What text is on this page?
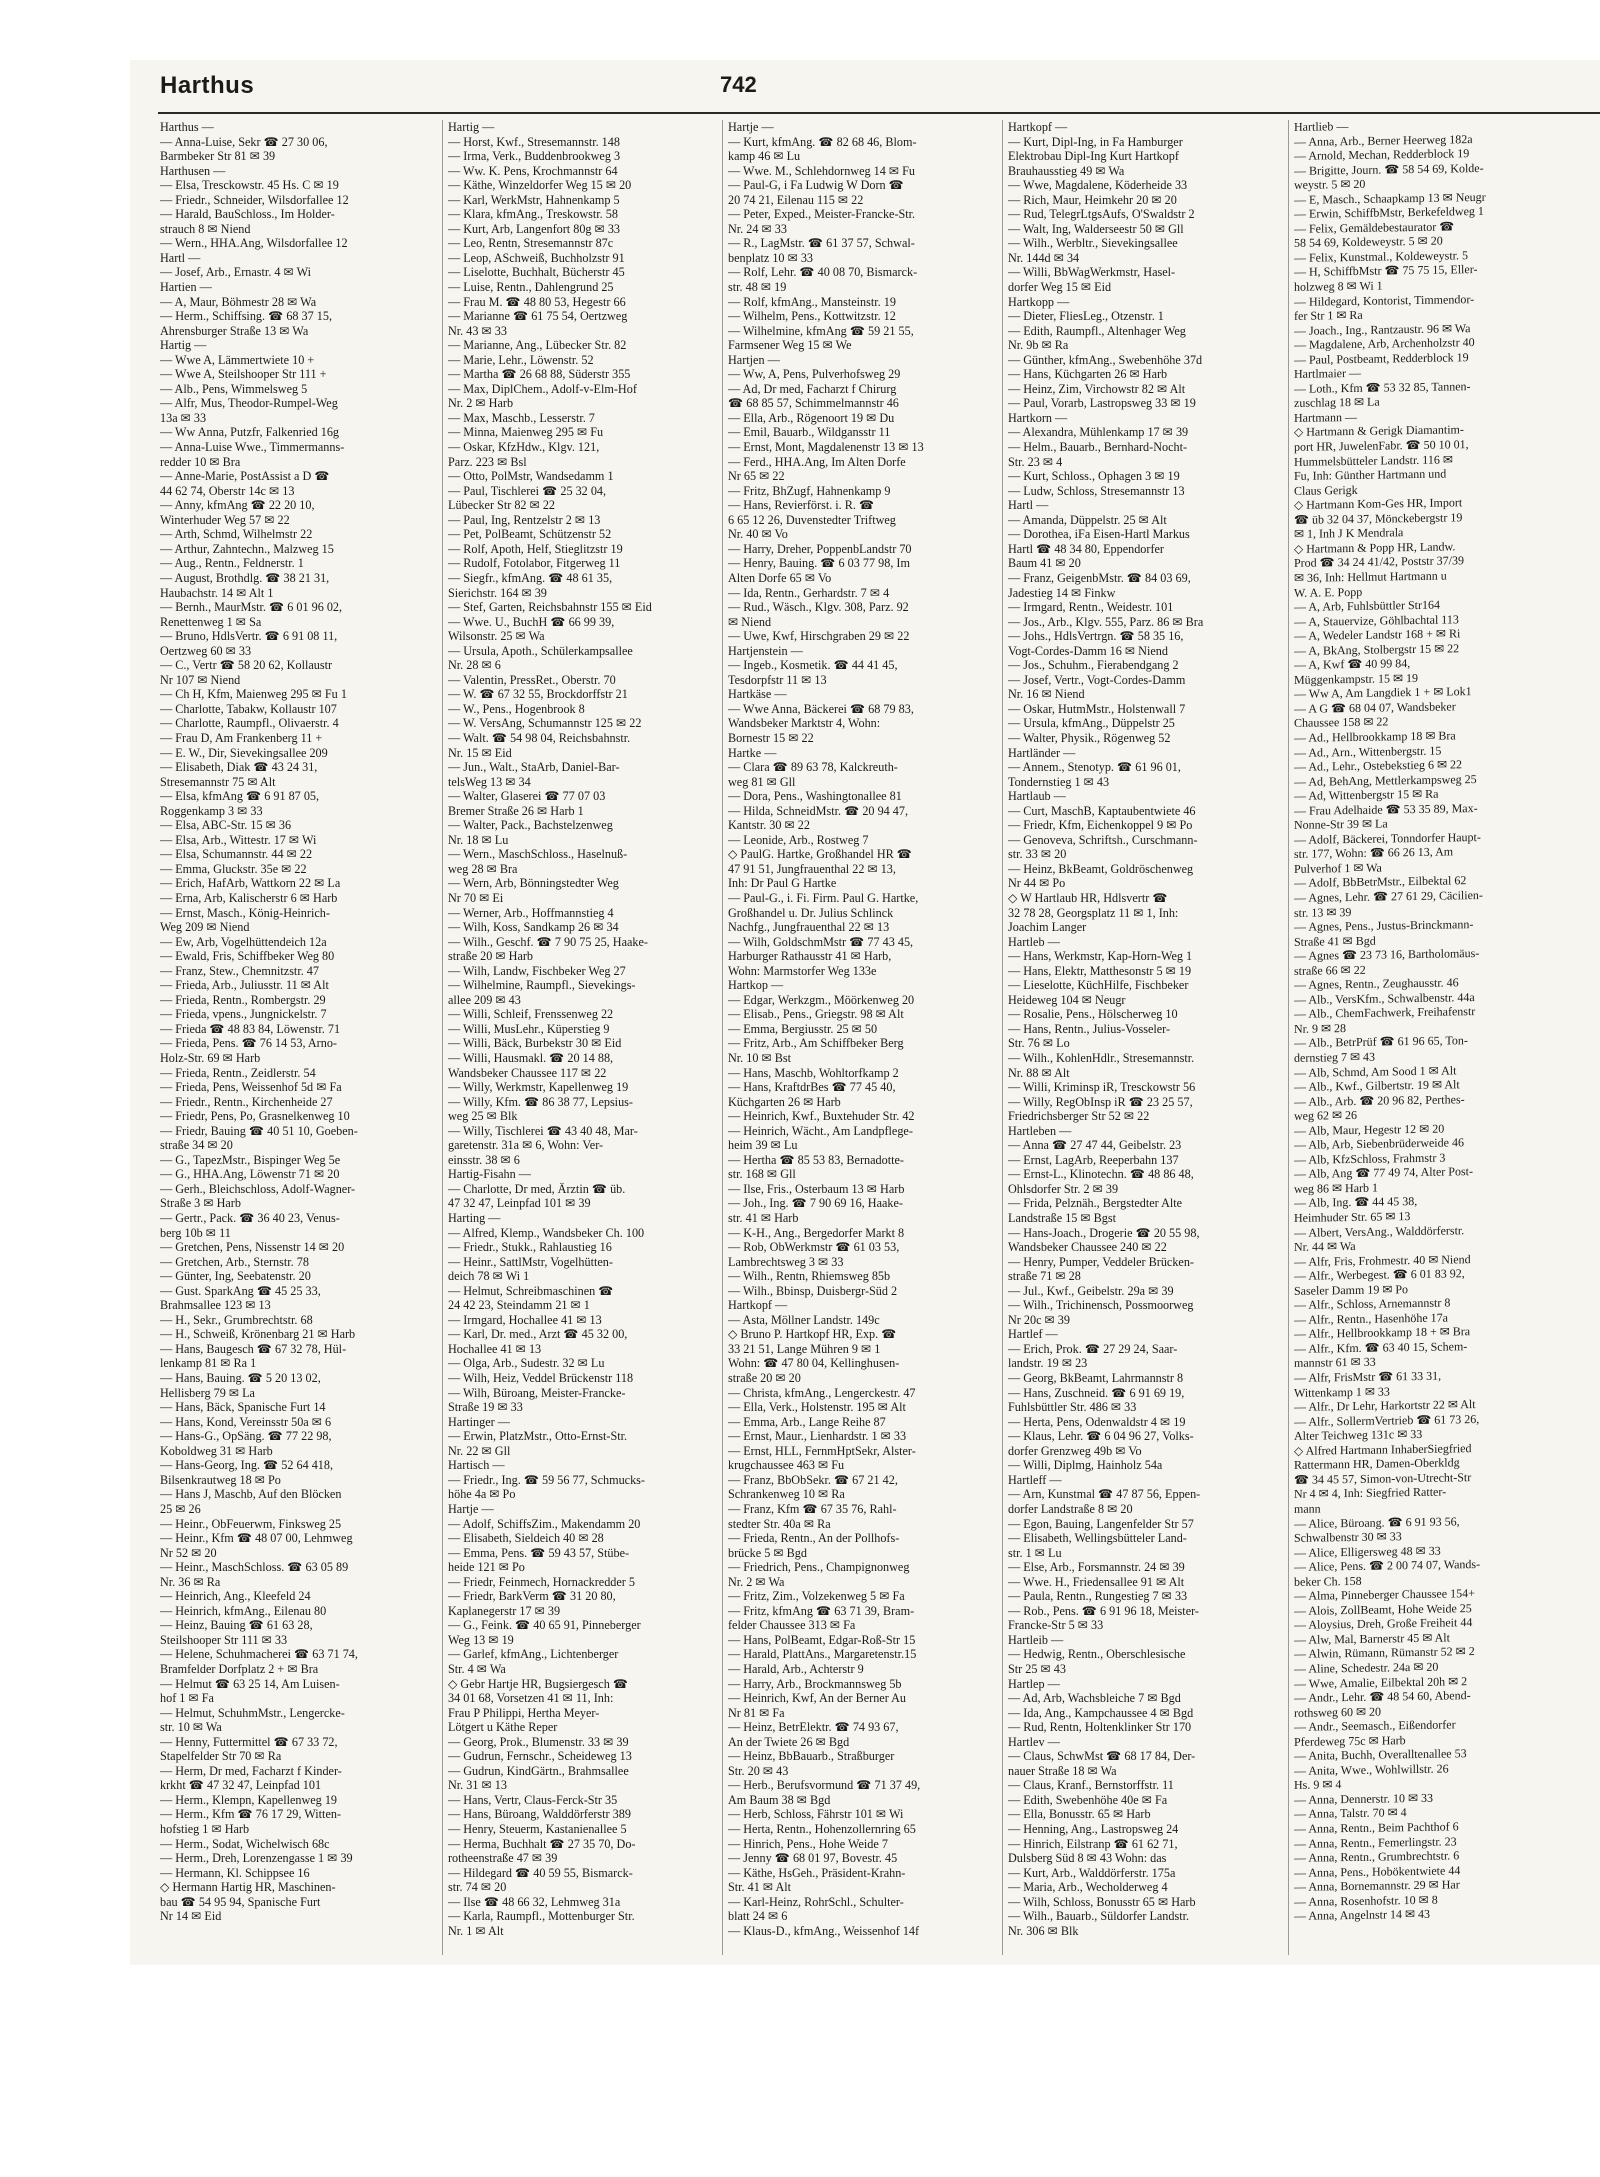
Harthus	742
Harthus —
— Anna-Luise, Sekr ☎ 27 30 06,
Barmbeker Str 81 ✉ 39
Harthusen —
— Elsa, Tresckowstr. 45 Hs. C ✉ 19
— Friedr., Schneider, Wilsdorfallee 12
— Harald, BauSchloss., Im Holder-
strauch 8 ✉ Niend
— Wern., HHA.Ang, Wilsdorfallee 12
Hartl —
— Josef, Arb., Ernastr. 4 ✉ Wi
Hartien —
— A, Maur, Böhmestr 28 ✉ Wa
— Herm., Schiffsing. ☎ 68 37 15,
Ahrensburger Straße 13 ✉ Wa
Hartig —
— Wwe A, Lämmertwiete 10 +
— Wwe A, Steilshooper Str 111 +
— Alb., Pens, Wimmelsweg 5
— Alfr, Mus, Theodor-Rumpel-Weg
13a ✉ 33
— Ww Anna, Putzfr, Falkenried 16g
— Anna-Luise Wwe., Timmermanns-
redder 10 ✉ Bra
— Anne-Marie, PostAssist a D ☎
44 62 74, Oberstr 14c ✉ 13
— Anny, kfmAng ☎ 22 20 10,
Winterhuder Weg 57 ✉ 22
— Arth, Schmd, Wilhelmstr 22
— Arthur, Zahntechn., Malzweg 15
— Aug., Rentn., Feldnerstr. 1
— August, Brothdlg. ☎ 38 21 31,
Haubachstr. 14 ✉ Alt 1
— Bernh., MaurMstr. ☎ 6 01 96 02,
Renettenweg 1 ✉ Sa
— Bruno, HdlsVertr. ☎ 6 91 08 11,
Oertzweg 60 ✉ 33
— C., Vertr ☎ 58 20 62, Kollaustr
Nr 107 ✉ Niend
— Ch H, Kfm, Maienweg 295 ✉ Fu 1
— Charlotte, Tabakw, Kollaustr 107
— Charlotte, Raumpfl., Olivaerstr. 4
— Frau D, Am Frankenberg 11 +
— E. W., Dir, Sievekingsallee 209
— Elisabeth, Diak ☎ 43 24 31,
Stresemannstr 75 ✉ Alt
— Elsa, kfmAng ☎ 6 91 87 05,
Roggenkamp 3 ✉ 33
— Elsa, ABC-Str. 15 ✉ 36
— Elsa, Arb., Wittestr. 17 ✉ Wi
— Elsa, Schumannstr. 44 ✉ 22
— Emma, Gluckstr. 35e ✉ 22
— Erich, HafArb, Wattkorn 22 ✉ La
— Erna, Arb, Kalischerstr 6 ✉ Harb
— Ernst, Masch., König-Heinrich-
Weg 209 ✉ Niend
— Ew, Arb, Vogelhüttendeich 12a
— Ewald, Fris, Schiffbeker Weg 80
— Franz, Stew., Chemnitzstr. 47
— Frieda, Arb., Juliusstr. 11 ✉ Alt
— Frieda, Rentn., Rombergstr. 29
— Frieda, vpens., Jungnickelstr. 7
— Frieda ☎ 48 83 84, Löwenstr. 71
— Frieda, Pens. ☎ 76 14 53, Arno-
Holz-Str. 69 ✉ Harb
— Frieda, Rentn., Zeidlerstr. 54
— Frieda, Pens, Weissenhof 5d ✉ Fa
— Friedr., Rentn., Kirchenheide 27
— Friedr, Pens, Po, Grasnelkenweg 10
— Friedr, Bauing ☎ 40 51 10, Goeben-
straße 34 ✉ 20
— G., TapezMstr., Bispinger Weg 5e
— G., HHA.Ang, Löwenstr 71 ✉ 20
— Gerh., Bleichschloss, Adolf-Wagner-
Straße 3 ✉ Harb
— Gertr., Pack. ☎ 36 40 23, Venus-
berg 10b ✉ 11
— Gretchen, Pens, Nissenstr 14 ✉ 20
— Gretchen, Arb., Sternstr. 78
— Günter, Ing, Seebatenstr. 20
— Gust. SparkAng ☎ 45 25 33,
Brahmsallee 123 ✉ 13
— H., Sekr., Grumbrechtstr. 68
— H., Schweiß, Krönenbarg 21 ✉ Harb
— Hans, Baugesch ☎ 67 32 78, Hül-
lenkamp 81 ✉ Ra 1
— Hans, Bauing. ☎ 5 20 13 02,
Hellisberg 79 ✉ La
— Hans, Bäck, Spanische Furt 14
— Hans, Kond, Vereinsstr 50a ✉ 6
— Hans-G., OpSäng. ☎ 77 22 98,
Koboldweg 31 ✉ Harb
— Hans-Georg, Ing. ☎ 52 64 418,
Bilsenkrautweg 18 ✉ Po
— Hans J, Maschb, Auf den Blöcken
25 ✉ 26
— Heinr., ObFeuerwm, Finksweg 25
— Heinr., Kfm ☎ 48 07 00, Lehmweg
Nr 52 ✉ 20
— Heinr., MaschSchloss. ☎ 63 05 89
Nr. 36 ✉ Ra
— Heinrich, Ang., Kleefeld 24
— Heinrich, kfmAng., Eilenau 80
— Heinz, Bauing ☎ 61 63 28,
Steilshooper Str 111 ✉ 33
— Helene, Schuhmacherei ☎ 63 71 74,
Bramfelder Dorfplatz 2 + ✉ Bra
— Helmut ☎ 63 25 14, Am Luisen-
hof 1 ✉ Fa
— Helmut, SchuhmMstr., Lengercke-
str. 10 ✉ Wa
— Henny, Futtermittel ☎ 67 33 72,
Stapelfelder Str 70 ✉ Ra
— Herm, Dr med, Facharzt f Kinder-
krkht ☎ 47 32 47, Leinpfad 101
— Herm., Klempn, Kapellenweg 19
— Herm., Kfm ☎ 76 17 29, Witten-
hofstieg 1 ✉ Harb
— Herm., Sodat, Wichelwisch 68c
— Herm., Dreh, Lorenzengasse 1 ✉ 39
— Hermann, Kl. Schippsee 16
◇ Hermann Hartig HR, Maschinen-
bau ☎ 54 95 94, Spanische Furt
Nr 14 ✉ Eid
Hartig —
— Horst, Kwf., Stresemannstr. 148
— Irma, Verk., Buddenbrookweg 3
— Ww. K. Pens, Krochmannstr 64
— Käthe, Winzeldorfer Weg 15 ✉ 20
— Karl, WerkMstr, Hahnenkamp 5
— Klara, kfmAng., Treskowstr. 58
— Kurt, Arb, Langenfort 80g ✉ 33
— Leo, Rentn, Stresemannstr 87c
— Leop, ASchweiß, Buchholzstr 91
— Liselotte, Buchhalt, Bücherstr 45
— Luise, Rentn., Dahlengrund 25
— Frau M. ☎ 48 80 53, Hegestr 66
— Marianne ☎ 61 75 54, Oertzweg
Nr. 43 ✉ 33
— Marianne, Ang., Lübecker Str. 82
— Marie, Lehr., Löwenstr. 52
— Martha ☎ 26 68 88, Süderstr 355
— Max, DiplChem., Adolf-v-Elm-Hof
Nr. 2 ✉ Harb
— Max, Maschb., Lesserstr. 7
— Minna, Maienweg 295 ✉ Fu
— Oskar, KfzHdw., Klgv. 121,
Parz. 223 ✉ Bsl
— Otto, PolMstr, Wandsedamm 1
— Paul, Tischlerei ☎ 25 32 04,
Lübecker Str 82 ✉ 22
— Paul, Ing, Rentzelstr 2 ✉ 13
— Pet, PolBeamt, Schützenstr 52
— Rolf, Apoth, Helf, Stieglitzstr 19
— Rudolf, Fotolabor, Fitgerweg 11
— Siegfr., kfmAng. ☎ 48 61 35,
Sierichstr. 164 ✉ 39
— Stef, Garten, Reichsbahnstr 155 ✉ Eid
— Wwe. U., BuchH ☎ 66 99 39,
Wilsonstr. 25 ✉ Wa
— Ursula, Apoth., Schülerkampsallee
Nr. 28 ✉ 6
— Valentin, PressRet., Oberstr. 70
— W. ☎ 67 32 55, Brockdorffstr 21
— W., Pens., Hogenbrook 8
— W. VersAng, Schumannstr 125 ✉ 22
— Walt. ☎ 54 98 04, Reichsbahnstr.
Nr. 15 ✉ Eid
— Jun., Walt., StaArb, Daniel-Bar-
telsWeg 13 ✉ 34
— Walter, Glaserei ☎ 77 07 03
Bremer Straße 26 ✉ Harb 1
— Walter, Pack., Bachstelzenweg
Nr. 18 ✉ Lu
— Wern., MaschSchloss., Haselnuß-
weg 28 ✉ Bra
— Wern, Arb, Bönningstedter Weg
Nr 70 ✉ Ei
— Werner, Arb., Hoffmannstieg 4
— Wilh, Koss, Sandkamp 26 ✉ 34
— Wilh., Geschf. ☎ 7 90 75 25, Haake-
straße 20 ✉ Harb
— Wilh, Landw, Fischbeker Weg 27
— Wilhelmine, Raumpfl., Sievekings-
allee 209 ✉ 43
— Willi, Schleif, Frenssenweg 22
— Willi, MusLehr., Küperstieg 9
— Willi, Bäck, Burbekstr 30 ✉ Eid
— Willi, Hausmakl. ☎ 20 14 88,
Wandsbeker Chaussee 117 ✉ 22
— Willy, Werkmstr, Kapellenweg 19
— Willy, Kfm. ☎ 86 38 77, Lepsius-
weg 25 ✉ Blk
— Willy, Tischlerei ☎ 43 40 48, Mar-
garetenstr. 31a ✉ 6, Wohn: Ver-
einsstr. 38 ✉ 6
Hartig-Fisahn —
— Charlotte, Dr med, Ärztin ☎ üb.
47 32 47, Leinpfad 101 ✉ 39
Harting —
— Alfred, Klemp., Wandsbeker Ch. 100
— Friedr., Stukk., Rahlaustieg 16
— Heinr., SattlMstr, Vogelhütten-
deich 78 ✉ Wi 1
— Helmut, Schreibmaschinen ☎
24 42 23, Steindamm 21 ✉ 1
— Irmgard, Hochallee 41 ✉ 13
— Karl, Dr. med., Arzt ☎ 45 32 00,
Hochallee 41 ✉ 13
— Olga, Arb., Sudestr. 32 ✉ Lu
— Wilh, Heiz, Veddel Brückenstr 118
— Wilh, Büroang, Meister-Francke-
Straße 19 ✉ 33
Hartinger —
— Erwin, PlatzMstr., Otto-Ernst-Str.
Nr. 22 ✉ Gll
Hartisch —
— Friedr., Ing. ☎ 59 56 77, Schmucks-
höhe 4a ✉ Po
Hartje —
— Adolf, SchiffsZim., Makendamm 20
— Elisabeth, Sieldeich 40 ✉ 28
— Emma, Pens. ☎ 59 43 57, Stübe-
heide 121 ✉ Po
— Friedr, Feinmech, Hornackredder 5
— Friedr, BarkVerm ☎ 31 20 80,
Kaplanegerstr 17 ✉ 39
— G., Feink. ☎ 40 65 91, Pinneberger
Weg 13 ✉ 19
— Garlef, kfmAng., Lichtenberger
Str. 4 ✉ Wa
◇ Gebr Hartje HR, Bugsiergesch ☎
34 01 68, Vorsetzen 41 ✉ 11, Inh:
Frau P Philippi, Hertha Meyer-
Lötgert u Käthe Reper
— Georg, Prok., Blumenstr. 33 ✉ 39
— Gudrun, Fernschr., Scheideweg 13
— Gudrun, KindGärtn., Brahmsallee
Nr. 31 ✉ 13
— Hans, Vertr, Claus-Ferck-Str 35
— Hans, Büroang, Walddörferstr 389
— Henry, Steuerm, Kastanienallee 5
— Herma, Buchhalt ☎ 27 35 70, Do-
rotheenstraße 47 ✉ 39
— Hildegard ☎ 40 59 55, Bismarck-
str. 74 ✉ 20
— Ilse ☎ 48 66 32, Lehmweg 31a
— Karla, Raumpfl., Mottenburger Str.
Nr. 1 ✉ Alt
Hartje —
— Kurt, kfmAng. ☎ 82 68 46, Blom-
kamp 46 ✉ Lu
— Wwe. M., Schlehdornweg 14 ✉ Fu
— Paul-G, i Fa Ludwig W Dorn ☎
20 74 21, Eilenau 115 ✉ 22
— Peter, Exped., Meister-Francke-Str.
Nr. 24 ✉ 33
— R., LagMstr. ☎ 61 37 57, Schwal-
benplatz 10 ✉ 33
— Rolf, Lehr. ☎ 40 08 70, Bismarck-
str. 48 ✉ 19
— Rolf, kfmAng., Mansteinstr. 19
— Wilhelm, Pens., Kottwitzstr. 12
— Wilhelmine, kfmAng ☎ 59 21 55,
Farmsener Weg 15 ✉ We
Hartjen —
— Ww, A, Pens, Pulverhofsweg 29
— Ad, Dr med, Facharzt f Chirurg
☎ 68 85 57, Schimmelmannstr 46
— Ella, Arb., Rögenoort 19 ✉ Du
— Emil, Bauarb., Wildgansstr 11
— Ernst, Mont, Magdalenenstr 13 ✉ 13
— Ferd., HHA.Ang, Im Alten Dorfe
Nr 65 ✉ 22
— Fritz, BhZugf, Hahnenkamp 9
— Hans, Revierförst. i. R. ☎
6 65 12 26, Duvenstedter Triftweg
Nr. 40 ✉ Vo
— Harry, Dreher, PoppenbLandstr 70
— Henry, Bauing. ☎ 6 03 77 98, Im
Alten Dorfe 65 ✉ Vo
— Ida, Rentn., Gerhardstr. 7 ✉ 4
— Rud., Wäsch., Klgv. 308, Parz. 92
✉ Niend
— Uwe, Kwf, Hirschgraben 29 ✉ 22
Hartjenstein —
— Ingeb., Kosmetik. ☎ 44 41 45,
Tesdorpfstr 11 ✉ 13
Hartkäse —
— Wwe Anna, Bäckerei ☎ 68 79 83,
Wandsbeker Marktstr 4, Wohn:
Bornestr 15 ✉ 22
Hartke —
— Clara ☎ 89 63 78, Kalckreuth-
weg 81 ✉ Gll
— Dora, Pens., Washingtonallee 81
— Hilda, SchneidMstr. ☎ 20 94 47,
Kantstr. 30 ✉ 22
— Leonide, Arb., Rostweg 7
◇ PaulG. Hartke, Großhandel HR ☎
47 91 51, Jungfrauenthal 22 ✉ 13,
Inh: Dr Paul G Hartke
— Paul-G., i. Fi. Firm. Paul G. Hartke,
Großhandel u. Dr. Julius Schlinck
Nachfg., Jungfrauenthal 22 ✉ 13
— Wilh, GoldschmMstr ☎ 77 43 45,
Harburger Rathausstr 41 ✉ Harb,
Wohn: Marmstorfer Weg 133e
Hartkop —
— Edgar, Werkzgm., Möörkenweg 20
— Elisab., Pens., Griegstr. 98 ✉ Alt
— Emma, Bergiusstr. 25 ✉ 50
— Fritz, Arb., Am Schiffbeker Berg
Nr. 10 ✉ Bst
— Hans, Maschb, Wohltorfkamp 2
— Hans, KraftdrBes ☎ 77 45 40,
Küchgarten 26 ✉ Harb
— Heinrich, Kwf., Buxtehuder Str. 42
— Heinrich, Wächt., Am Landpflege-
heim 39 ✉ Lu
— Hertha ☎ 85 53 83, Bernadotte-
str. 168 ✉ Gll
— Ilse, Fris., Osterbaum 13 ✉ Harb
— Joh., Ing. ☎ 7 90 69 16, Haake-
str. 41 ✉ Harb
— K-H., Ang., Bergedorfer Markt 8
— Rob, ObWerkmstr ☎ 61 03 53,
Lambrechtsweg 3 ✉ 33
— Wilh., Rentn, Rhiemsweg 85b
— Wilh., Bbinsp, Duisbergr-Süd 2
Hartkopf —
— Asta, Möllner Landstr. 149c
◇ Bruno P. Hartkopf HR, Exp. ☎
33 21 51, Lange Mühren 9 ✉ 1
Wohn: ☎ 47 80 04, Kellinghusen-
straße 20 ✉ 20
— Christa, kfmAng., Lengerckestr. 47
— Ella, Verk., Holstenstr. 195 ✉ Alt
— Emma, Arb., Lange Reihe 87
— Ernst, Maur., Lienhardstr. 1 ✉ 33
— Ernst, HLL, FernmHptSekr, Alster-
krugchaussee 463 ✉ Fu
— Franz, BbObSekr. ☎ 67 21 42,
Schrankenweg 10 ✉ Ra
— Franz, Kfm ☎ 67 35 76, Rahl-
stedter Str. 40a ✉ Ra
— Frieda, Rentn., An der Pollhofs-
brücke 5 ✉ Bgd
— Friedrich, Pens., Champignonweg
Nr. 2 ✉ Wa
— Fritz, Zim., Volzekenweg 5 ✉ Fa
— Fritz, kfmAng ☎ 63 71 39, Bram-
felder Chaussee 313 ✉ Fa
— Hans, PolBeamt, Edgar-Roß-Str 15
— Harald, PlattAns., Margaretenstr.15
— Harald, Arb., Achterstr 9
— Harry, Arb., Brockmannsweg 5b
— Heinrich, Kwf, An der Berner Au
Nr 81 ✉ Fa
— Heinz, BetrElektr. ☎ 74 93 67,
An der Twiete 26 ✉ Bgd
— Heinz, BbBauarb., Straßburger
Str. 20 ✉ 43
— Herb., Berufsvormund ☎ 71 37 49,
Am Baum 38 ✉ Bgd
— Herb, Schloss, Fährstr 101 ✉ Wi
— Herta, Rentn., Hohenzollernring 65
— Hinrich, Pens., Hohe Weide 7
— Jenny ☎ 68 01 97, Bovestr. 45
— Käthe, HsGeh., Präsident-Krahn-
Str. 41 ✉ Alt
— Karl-Heinz, RohrSchl., Schulter-
blatt 24 ✉ 6
— Klaus-D., kfmAng., Weissenhof 14f
Hartkopf —
— Kurt, Dipl-Ing, in Fa Hamburger
Elektrobau Dipl-Ing Kurt Hartkopf
Brauhausstieg 49 ✉ Wa
— Wwe, Magdalene, Köderheide 33
— Rich, Maur, Heimkehr 20 ✉ 20
— Rud, TelegrLtgsAufs, O'Swaldstr 2
— Walt, Ing, Walderseestr 50 ✉ Gll
— Wilh., Werbltr., Sievekingsallee
Nr. 144d ✉ 34
— Willi, BbWagWerkmstr, Hasel-
dorfer Weg 15 ✉ Eid
Hartkopp —
— Dieter, FliesLeg., Otzenstr. 1
— Edith, Raumpfl., Altenhager Weg
Nr. 9b ✉ Ra
— Günther, kfmAng., Swebenhöhe 37d
— Hans, Küchgarten 26 ✉ Harb
— Heinz, Zim, Virchowstr 82 ✉ Alt
— Paul, Vorarb, Lastropsweg 33 ✉ 19
Hartkorn —
— Alexandra, Mühlenkamp 17 ✉ 39
— Helm., Bauarb., Bernhard-Nocht-
Str. 23 ✉ 4
— Kurt, Schloss., Ophagen 3 ✉ 19
— Ludw, Schloss, Stresemannstr 13
Hartl —
— Amanda, Düppelstr. 25 ✉ Alt
— Dorothea, iFa Eisen-Hartl Markus
Hartl ☎ 48 34 80, Eppendorfer
Baum 41 ✉ 20
— Franz, GeigenbMstr. ☎ 84 03 69,
Jadestieg 14 ✉ Finkw
— Irmgard, Rentn., Weidestr. 101
— Jos., Arb., Klgv. 555, Parz. 86 ✉ Bra
— Johs., HdlsVertrgn. ☎ 58 35 16,
Vogt-Cordes-Damm 16 ✉ Niend
— Jos., Schuhm., Fierabendgang 2
— Josef, Vertr., Vogt-Cordes-Damm
Nr. 16 ✉ Niend
— Oskar, HutmMstr., Holstenwall 7
— Ursula, kfmAng., Düppelstr 25
— Walter, Physik., Rögenweg 52
Hartländer —
— Annem., Stenotyp. ☎ 61 96 01,
Tondernstieg 1 ✉ 43
Hartlaub —
— Curt, MaschB, Kaptaubentwiete 46
— Friedr, Kfm, Eichenkoppel 9 ✉ Po
— Genoveva, Schriftsh., Curschmann-
str. 33 ✉ 20
— Heinz, BkBeamt, Goldröschenweg
Nr 44 ✉ Po
◇ W Hartlaub HR, Hdlsvertr ☎
32 78 28, Georgsplatz 11 ✉ 1, Inh:
Joachim Langer
Hartleb —
— Hans, Werkmstr, Kap-Horn-Weg 1
— Hans, Elektr, Matthesonstr 5 ✉ 19
— Lieselotte, KüchHilfe, Fischbeker
Heideweg 104 ✉ Neugr
— Rosalie, Pens., Hölscherweg 10
— Hans, Rentn., Julius-Vosseler-
Str. 76 ✉ Lo
— Wilh., KohlenHdlr., Stresemannstr.
Nr. 88 ✉ Alt
— Willi, Kriminsp iR, Tresckowstr 56
— Willy, RegObInsp iR ☎ 23 25 57,
Friedrichsberger Str 52 ✉ 22
Hartleben —
— Anna ☎ 27 47 44, Geibelstr. 23
— Ernst, LagArb, Reeperbahn 137
— Ernst-L., Klinotechn. ☎ 48 86 48,
Ohlsdorfer Str. 2 ✉ 39
— Frida, Pelznäh., Bergstedter Alte
Landstraße 15 ✉ Bgst
— Hans-Joach., Drogerie ☎ 20 55 98,
Wandsbeker Chaussee 240 ✉ 22
— Henry, Pumper, Veddeler Brücken-
straße 71 ✉ 28
— Jul., Kwf., Geibelstr. 29a ✉ 39
— Wilh., Trichinensch, Possmoorweg
Nr 20c ✉ 39
Hartlef —
— Erich, Prok. ☎ 27 29 24, Saar-
landstr. 19 ✉ 23
— Georg, BkBeamt, Lahrmannstr 8
— Hans, Zuschneid. ☎ 6 91 69 19,
Fuhlsbüttler Str. 486 ✉ 33
— Herta, Pens, Odenwaldstr 4 ✉ 19
— Klaus, Lehr. ☎ 6 04 96 27, Volks-
dorfer Grenzweg 49b ✉ Vo
— Willi, Diplmg, Hainholz 54a
Hartleff —
— Arn, Kunstmal ☎ 47 87 56, Eppen-
dorfer Landstraße 8 ✉ 20
— Egon, Bauing, Langenfelder Str 57
— Elisabeth, Wellingsbütteler Land-
str. 1 ✉ Lu
— Else, Arb., Forsmannstr. 24 ✉ 39
— Wwe. H., Friedensallee 91 ✉ Alt
— Paula, Rentn., Rungestieg 7 ✉ 33
— Rob., Pens. ☎ 6 91 96 18, Meister-
Francke-Str 5 ✉ 33
Hartleib —
— Hedwig, Rentn., Oberschlesische
Str 25 ✉ 43
Hartlep —
— Ad, Arb, Wachsbleiche 7 ✉ Bgd
— Ida, Ang., Kampchaussee 4 ✉ Bgd
— Rud, Rentn, Holtenklinker Str 170
Hartlev —
— Claus, SchwMst ☎ 68 17 84, Der-
nauer Straße 18 ✉ Wa
— Claus, Kranf., Bernstorffstr. 11
— Edith, Swebenhöhe 40e ✉ Fa
— Ella, Bonusstr. 65 ✉ Harb
— Henning, Ang., Lastropsweg 24
— Hinrich, Eilstranp ☎ 61 62 71,
Dulsberg Süd 8 ✉ 43 Wohn: das
— Kurt, Arb., Walddörferstr. 175a
— Maria, Arb., Wecholderweg 4
— Wilh, Schloss, Bonusstr 65 ✉ Harb
— Wilh., Bauarb., Süldorfer Landstr.
Nr. 306 ✉ Blk
Hartlieb —
— Anna, Arb., Berner Heerweg 182a
— Arnold, Mechan, Redderblock 19
— Brigitte, Journ. ☎ 58 54 69, Kolde-
weystr. 5 ✉ 20
— E, Masch., Schaapkamp 13 ✉ Neugr
— Erwin, SchiffbMstr, Berkefeldweg 1
— Felix, Gemäldebestaurator ☎
58 54 69, Koldeweystr. 5 ✉ 20
— Felix, Kunstmal., Koldeweystr. 5
— H, SchiffbMstr ☎ 75 75 15, Eller-
holzweg 8 ✉ Wi 1
— Hildegard, Kontorist, Timmendor-
fer Str 1 ✉ Ra
— Joach., Ing., Rantzaustr. 96 ✉ Wa
— Magdalene, Arb, Archenholzstr 40
— Paul, Postbeamt, Redderblock 19
Hartlmaier —
— Loth., Kfm ☎ 53 32 85, Tannen-
zuschlag 18 ✉ La
Hartmann —
◇ Hartmann & Gerigk Diamantim-
port HR, JuwelenFabr. ☎ 50 10 01,
Hummelsbütteler Landstr. 116 ✉
Fu, Inh: Günther Hartmann und
Claus Gerigk
◇ Hartmann Kom-Ges HR, Import
☎ üb 32 04 37, Mönckebergstr 19
✉ 1, Inh J K Mendrala
◇ Hartmann & Popp HR, Landw.
Prod ☎ 34 24 41/42, Poststr 37/39
✉ 36, Inh: Hellmut Hartmann u
W. A. E. Popp
— A, Arb, Fuhlsbüttler Str164
— A, Stauervize, Göhlbachtal 113
— A, Wedeler Landstr 168 + ✉ Ri
— A, BkAng, Stolbergstr 15 ✉ 22
— A, Kwf ☎ 40 99 84,
Müggenkampstr. 15 ✉ 19
— Ww A, Am Langdiek 1 + ✉ Lok1
— A G ☎ 68 04 07, Wandsbeker
Chaussee 158 ✉ 22
— Ad., Hellbrookkamp 18 ✉ Bra
— Ad., Arn., Wittenbergstr. 15
— Ad., Lehr., Ostebekstieg 6 ✉ 22
— Ad, BehAng, Mettlerkampsweg 25
— Ad, Wittenbergstr 15 ✉ Ra
— Frau Adelhaide ☎ 53 35 89, Max-
Nonne-Str 39 ✉ La
— Adolf, Bäckerei, Tonndorfer Haupt-
str. 177, Wohn: ☎ 66 26 13, Am
Pulverhof 1 ✉ Wa
— Adolf, BbBetrMstr., Eilbektal 62
— Agnes, Lehr. ☎ 27 61 29, Cäcilien-
str. 13 ✉ 39
— Agnes, Pens., Justus-Brinckmann-
Straße 41 ✉ Bgd
— Agnes ☎ 23 73 16, Bartholomäus-
straße 66 ✉ 22
— Agnes, Rentn., Zeughausstr. 46
— Alb., VersKfm., Schwalbenstr. 44a
— Alb., ChemFachwerk, Freihafenstr
Nr. 9 ✉ 28
— Alb., BetrPrüf ☎ 61 96 65, Ton-
dernstieg 7 ✉ 43
— Alb, Schmd, Am Sood 1 ✉ Alt
— Alb., Kwf., Gilbertstr. 19 ✉ Alt
— Alb., Arb. ☎ 20 96 82, Perthes-
weg 62 ✉ 26
— Alb, Maur, Hegestr 12 ✉ 20
— Alb, Arb, Siebenbrüderweide 46
— Alb, KfzSchloss, Frahmstr 3
— Alb, Ang ☎ 77 49 74, Alter Post-
weg 86 ✉ Harb 1
— Alb, Ing. ☎ 44 45 38,
Heimhuder Str. 65 ✉ 13
— Albert, VersAng., Walddörferstr.
Nr. 44 ✉ Wa
— Alfr, Fris, Frohmestr. 40 ✉ Niend
— Alfr., Werbegest. ☎ 6 01 83 92,
Saseler Damm 19 ✉ Po
— Alfr., Schloss, Arnemannstr 8
— Alfr., Rentn., Hasenhöhe 17a
— Alfr., Hellbrookkamp 18 + ✉ Bra
— Alfr., Kfm. ☎ 63 40 15, Schem-
mannstr 61 ✉ 33
— Alfr, FrisMstr ☎ 61 33 31,
Wittenkamp 1 ✉ 33
— Alfr., Dr Lehr, Harkortstr 22 ✉ Alt
— Alfr., SollermVertrieb ☎ 61 73 26,
Alter Teichweg 131c ✉ 33
◇ Alfred Hartmann InhaberSiegfried
Rattermann HR, Damen-Oberkldg
☎ 34 45 57, Simon-von-Utrecht-Str
Nr 4 ✉ 4, Inh: Siegfried Ratter-
mann
— Alice, Büroang. ☎ 6 91 93 56,
Schwalbenstr 30 ✉ 33
— Alice, Elligersweg 48 ✉ 33
— Alice, Pens. ☎ 2 00 74 07, Wands-
beker Ch. 158
— Alma, Pinneberger Chaussee 154+
— Alois, ZollBeamt, Hohe Weide 25
— Aloysius, Dreh, Große Freiheit 44
— Alw, Mal, Barnerstr 45 ✉ Alt
— Alwin, Rümann, Rümanstr 52 ✉ 2
— Aline, Schedestr. 24a ✉ 20
— Wwe, Amalie, Eilbektal 20h ✉ 2
— Andr., Lehr. ☎ 48 54 60, Abend-
rothsweg 60 ✉ 20
— Andr., Seemasch., Eißendorfer
Pferdeweg 75c ✉ Harb
— Anita, Buchh, Overalltenallee 53
— Anita, Wwe., Wohlwillstr. 26
Hs. 9 ✉ 4
— Anna, Dennerstr. 10 ✉ 33
— Anna, Talstr. 70 ✉ 4
— Anna, Rentn., Beim Pachthof 6
— Anna, Rentn., Femerlingstr. 23
— Anna, Rentn., Grumbrechtstr. 6
— Anna, Pens., Hobökentwiete 44
— Anna, Bornemannstr. 29 ✉ Har
— Anna, Rosenhofstr. 10 ✉ 8
— Anna, Angelnstr 14 ✉ 43
